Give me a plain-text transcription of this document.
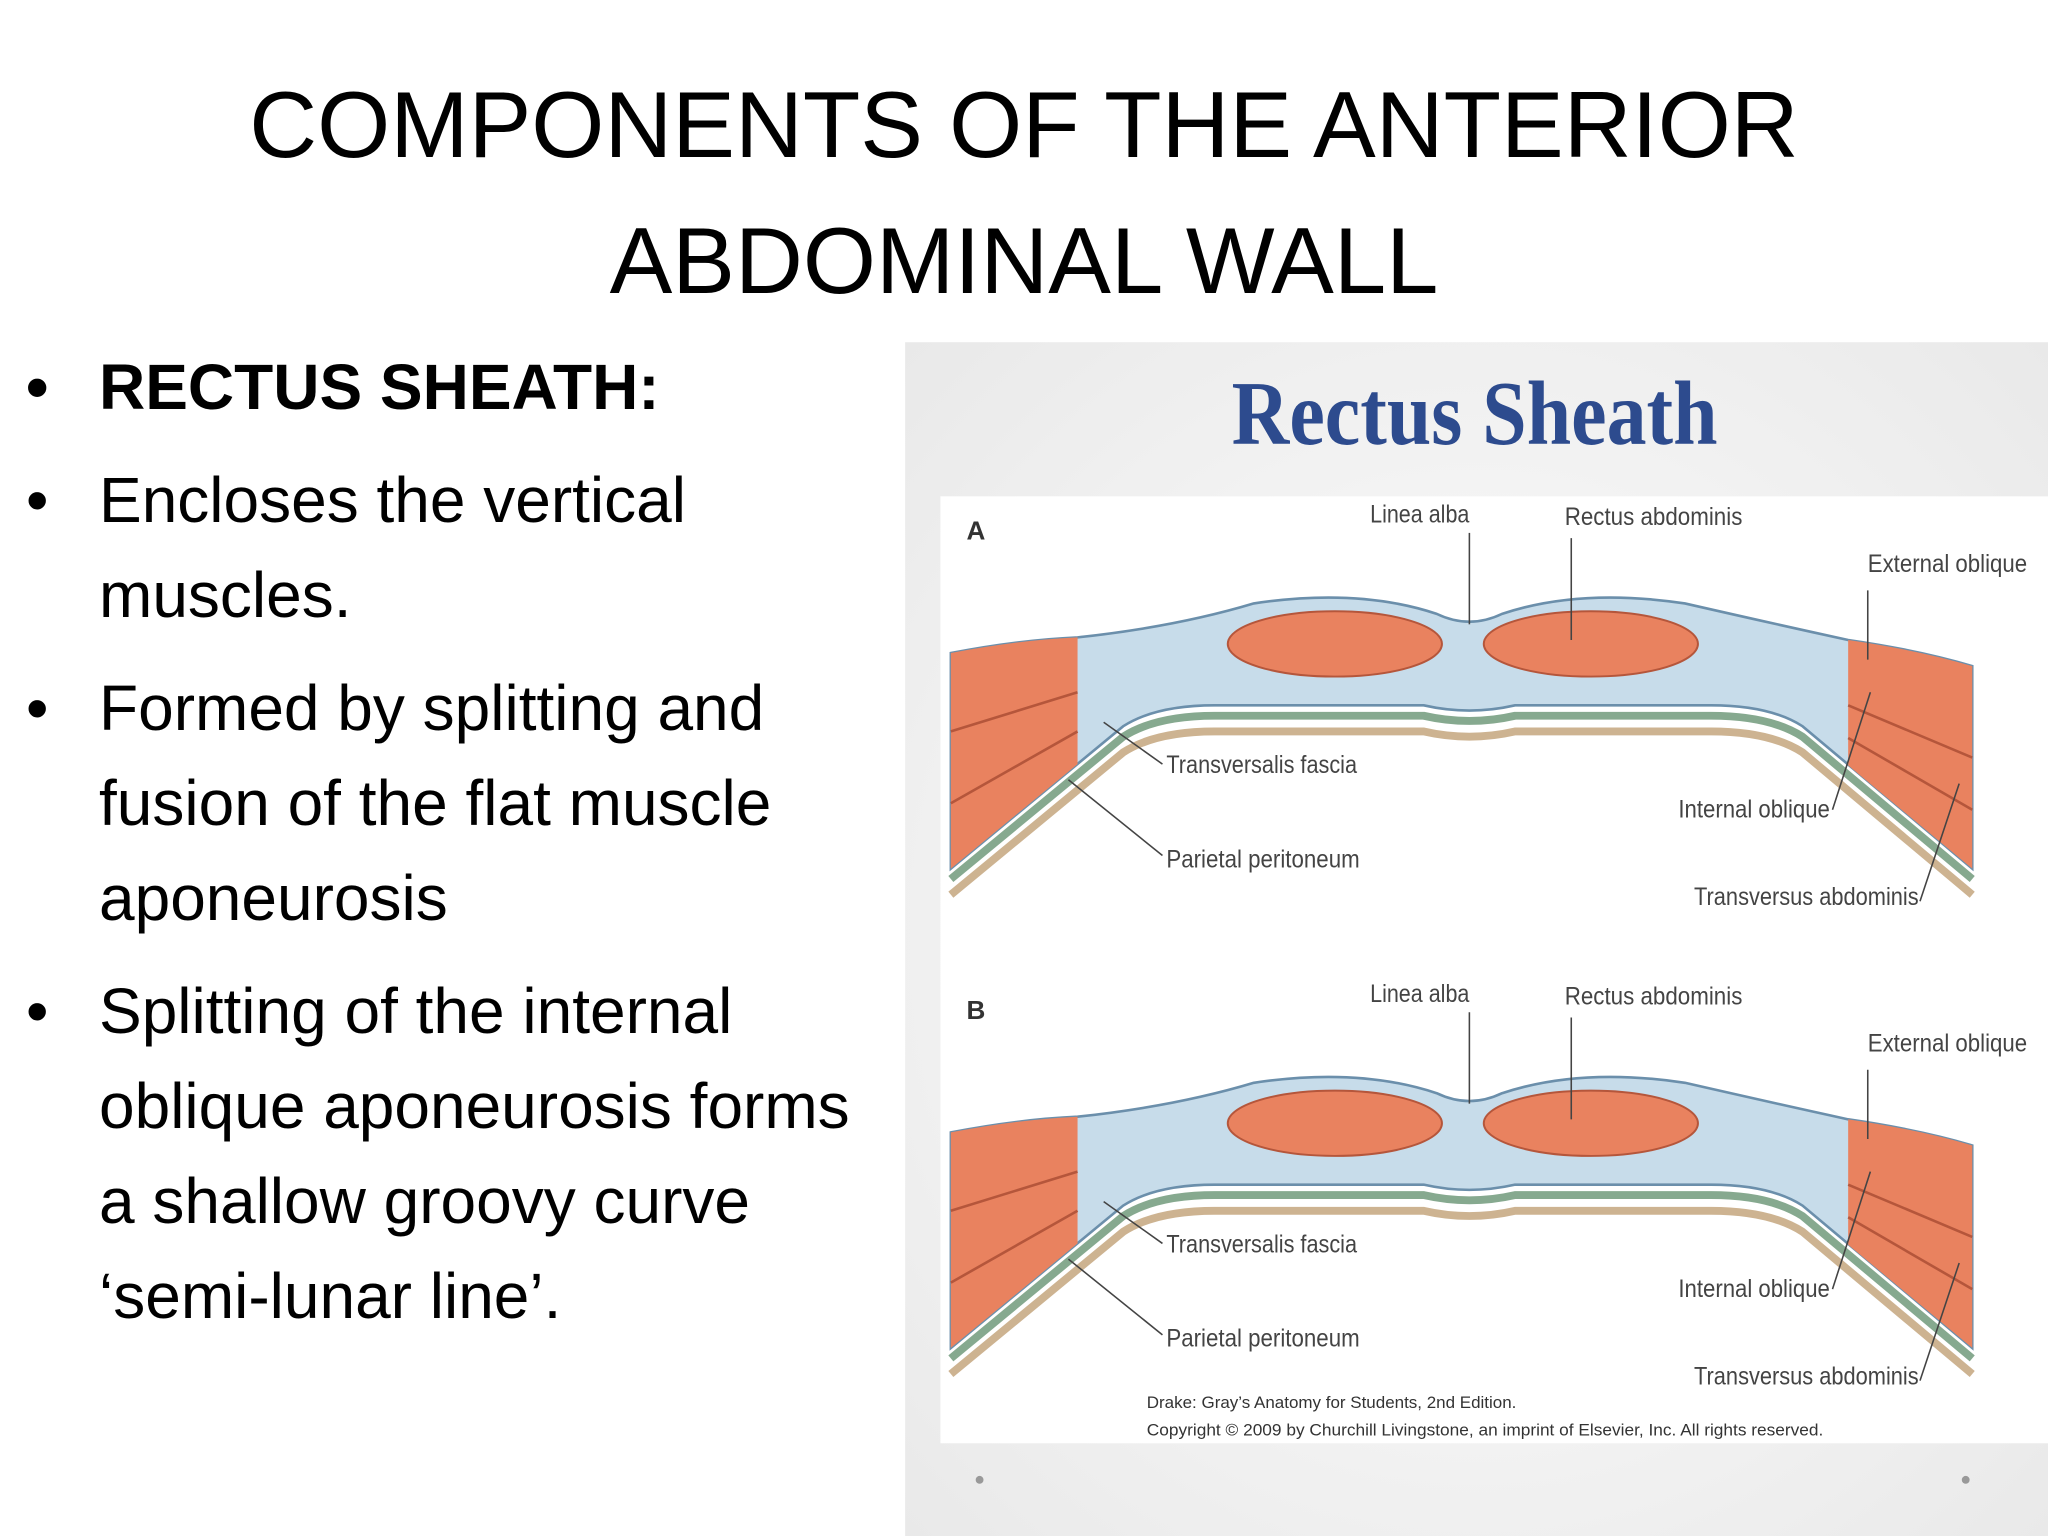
COMPONENTS OF THE ANTERIOR
ABDOMINAL WALL
• RECTUS SHEATH:
• Encloses the vertical muscles.
• Formed by splitting and fusion of the flat muscle aponeurosis
• Splitting of the internal oblique aponeurosis forms a shallow groovy curve ‘semi-lunar line’.
Rectus Sheath
A
Linea alba	Rectus abdominis
External oblique
Transversalis fascia
Parietal peritoneum
Internal oblique
Transversus abdominis
B
Linea alba	Rectus abdominis
External oblique
Transversalis fascia
Parietal peritoneum
Internal oblique
Transversus abdominis
Drake: Gray’s Anatomy for Students, 2nd Edition.
Copyright © 2009 by Churchill Livingstone, an imprint of Elsevier, Inc. All rights reserved.
